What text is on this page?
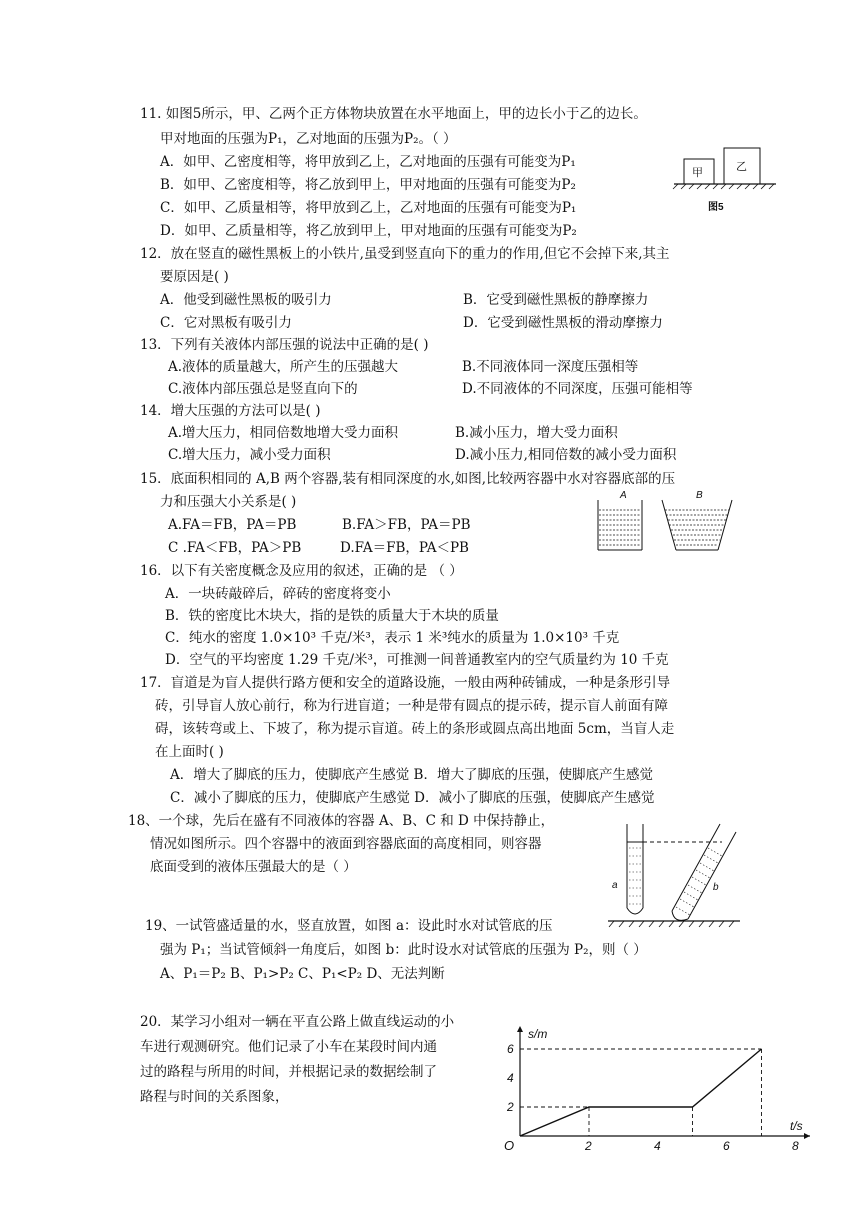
11. 如图5所示，甲、乙两个正方体物块放置在水平地面上，甲的边长小于乙的边长。
甲对地面的压强为P₁，乙对地面的压强为P₂。（ ）
A．如甲、乙密度相等，将甲放到乙上，乙对地面的压强有可能变为P₁
B．如甲、乙密度相等，将乙放到甲上，甲对地面的压强有可能变为P₂
C．如甲、乙质量相等，将甲放到乙上，乙对地面的压强有可能变为P₁
D．如甲、乙质量相等，将乙放到甲上，甲对地面的压强有可能变为P₂
甲	乙
图5
12．放在竖直的磁性黑板上的小铁片,虽受到竖直向下的重力的作用,但它不会掉下来,其主
要原因是( )
A．他受到磁性黑板的吸引力	B．它受到磁性黑板的静摩擦力
C．它对黑板有吸引力	D．它受到磁性黑板的滑动摩擦力
13．下列有关液体内部压强的说法中正确的是( )
A.液体的质量越大，所产生的压强越大	B.不同液体同一深度压强相等
C.液体内部压强总是竖直向下的	D.不同液体的不同深度，压强可能相等
14．增大压强的方法可以是( )
A.增大压力，相同倍数地增大受力面积	B.减小压力，增大受力面积
C.增大压力，减小受力面积	D.减小压力,相同倍数的减小受力面积
15．底面积相同的 A,B 两个容器,装有相同深度的水,如图,比较两容器中水对容器底部的压
力和压强大小关系是( )
A.FA＝FB，PA＝PB	B.FA＞FB，PA＝PB
C .FA＜FB，PA＞PB	D.FA＝FB，PA＜PB
A	B
16．以下有关密度概念及应用的叙述，正确的是 （ ）
A．一块砖敲碎后，碎砖的密度将变小
B．铁的密度比木块大，指的是铁的质量大于木块的质量
C．纯水的密度 1.0×10³ 千克/米³，表示 1 米³纯水的质量为 1.0×10³ 千克
D．空气的平均密度 1.29 千克/米³，可推测一间普通教室内的空气质量约为 10 千克
17．盲道是为盲人提供行路方便和安全的道路设施，一般由两种砖铺成，一种是条形引导
砖，引导盲人放心前行，称为行进盲道；一种是带有圆点的提示砖，提示盲人前面有障
碍，该转弯或上、下坡了，称为提示盲道。砖上的条形或圆点高出地面 5cm，当盲人走
在上面时( )
A．增大了脚底的压力，使脚底产生感觉 B．增大了脚底的压强，使脚底产生感觉
C．减小了脚底的压力，使脚底产生感觉 D．减小了脚底的压强，使脚底产生感觉
18、一个球，先后在盛有不同液体的容器 A、B、C 和 D 中保持静止，
情况如图所示。四个容器中的液面到容器底面的高度相同，则容器
底面受到的液体压强最大的是（ ）
a	b
19、一试管盛适量的水，竖直放置，如图 a：设此时水对试管底的压
强为 P₁；当试管倾斜一角度后，如图 b：此时设水对试管底的压强为 P₂，则（ ）
A、P₁＝P₂ B、P₁>P₂ C、P₁<P₂ D、无法判断
20．某学习小组对一辆在平直公路上做直线运动的小
车进行观测研究。他们记录了小车在某段时间内通
过的路程与所用的时间，并根据记录的数据绘制了
路程与时间的关系图象，
2	4	6	8
2
4
6
O
s/m
t/s
